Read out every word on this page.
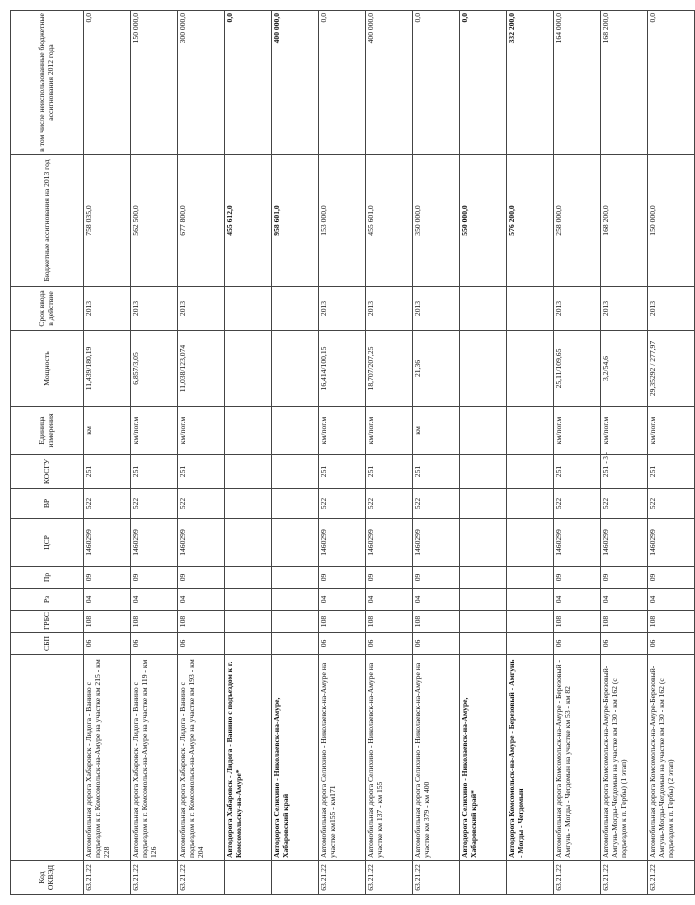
Код ОКВЭД		СБП	ГРБС	Рз	Пр	ЦСР	ВР	КОСГУ	Единица измерения	Мощность	Срок ввода в действие	Бюджетные ассигнования на 2013 год	в том числе неиспользованные бюджетные ассигнования 2012 года
63.21.22	Автомобильная дорога Хабаровск - Лидога - Ванино с подъездом к г. Комсомольск-на-Амуре на участке км 215 - км 228	06	108	04	09	1460299	522	251	км	11,439/180,19	2013	758 035,0	0,0
63.21.22	Автомобильная дорога Хабаровск - Лидога - Ванино с подъездом к г. Комсомольск-на-Амуре на участке км 119 - км 126	06	108	04	09	1460299	522	251	км/пог.м	6,857/3,05	2013	562 500,0	150 000,0
63.21.22	Автомобильная дорога Хабаровск - Лидога - Ванино с подъездом к г. Комсомольск-на-Амуре на участке км 193 - км 204	06	108	04	09	1460299	522	251	км/пог.м	11,038/123,074	2013	677 800,0	300 000,0
	Автодорога Хабаровск - Лидога - Ванино с подъездом к г. Комсомольску-на-Амуре*											455 612,0	0,0
	Автодорога Селихино - Николаевск-на-Амуре, Хабаровский край											958 601,0	400 000,0
63.21.22	Автомобильная дорога Селихино - Николаевск-на-Амуре на участке км155 - км171	06	108	04	09	1460299	522	251	км/пог.м	16,414/100,15	2013	153 000,0	0,0
63.21.22	Автомобильная дорога Селихино - Николаевск-на-Амуре на участке км 137 - км 155	06	108	04	09	1460299	522	251	км/пог.м	18,707/207,25	2013	455 601,0	400 000,0
63.21.22	Автомобильная дорога Селихино - Николаевск-на-Амуре на участке км 379 - км 400	06	108	04	09	1460299	522	251	км	21,36	2013	350 000,0	0,0
	Автодорога Селихино - Николаевск-на-Амуре, Хабаровский край*											550 000,0	0,0
	Автодорога Комсомольск-на-Амуре - Березовый - Амгунь - Могды - Чегдомын											576 200,0	332 200,0
63.21.22	Автомобильная дорога Комсомольск-на-Амуре - Березовый - Амгунь - Могды - Чегдомын на участке км 53 - км 82	06	108	04	09	1460299	522	251	км/пог.м	25,11/109,65	2013	258 000,0	164 000,0
63.21.22	Автомобильная дорога Комсомольск-на-Амуре-Березовый-Амгунь-Могды-Чегдомын на участке км 130 - км 162 (с подъездом к п. Гербы) (1 этап)	06	108	04	09	1460299	522	251	км/пог.м	3,2/54,6	2013	168 200,0	168 200,0
63.21.22	Автомобильная дорога Комсомольск-на-Амуре-Березовый-Амгунь-Могды-Чегдомын на участке км 130 - км 162 (с подъездом к п. Гербы) (2 этап)	06	108	04	09	1460299	522	251	км/пог.м	29,35292 / 277,97	2013	150 000,0	0,0
- 3 -
